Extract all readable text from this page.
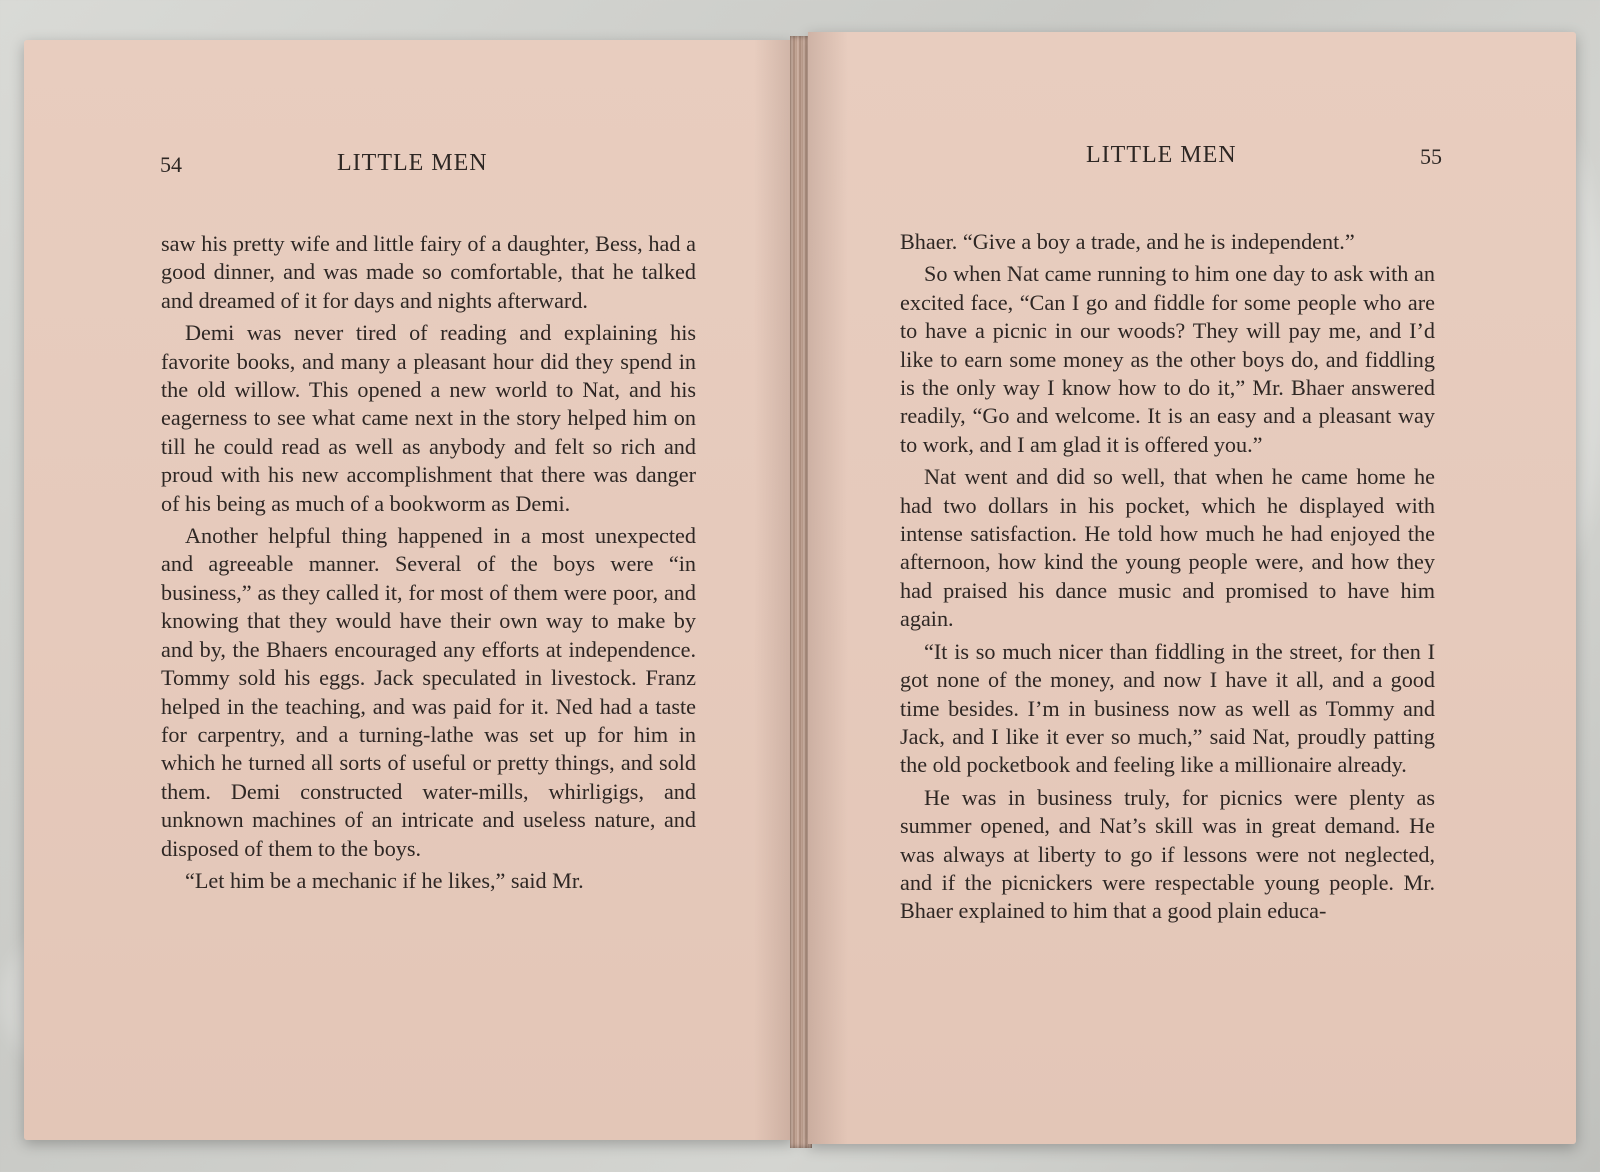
54	LITTLE MEN

saw his pretty wife and little fairy of a daughter, Bess, had a good dinner, and was made so comfortable, that he talked and dreamed of it for days and nights afterward.

Demi was never tired of reading and explaining his favorite books, and many a pleasant hour did they spend in the old willow. This opened a new world to Nat, and his eagerness to see what came next in the story helped him on till he could read as well as anybody and felt so rich and proud with his new accomplishment that there was danger of his being as much of a bookworm as Demi.

Another helpful thing happened in a most unexpected and agreeable manner. Several of the boys were “in business,” as they called it, for most of them were poor, and knowing that they would have their own way to make by and by, the Bhaers encouraged any efforts at independence. Tommy sold his eggs. Jack speculated in livestock. Franz helped in the teaching, and was paid for it. Ned had a taste for carpentry, and a turning-lathe was set up for him in which he turned all sorts of useful or pretty things, and sold them. Demi constructed water-mills, whirligigs, and unknown machines of an intricate and useless nature, and disposed of them to the boys.

“Let him be a mechanic if he likes,” said Mr.

LITTLE MEN	55

Bhaer. “Give a boy a trade, and he is independent.”

So when Nat came running to him one day to ask with an excited face, “Can I go and fiddle for some people who are to have a picnic in our woods? They will pay me, and I’d like to earn some money as the other boys do, and fiddling is the only way I know how to do it,” Mr. Bhaer answered readily, “Go and welcome. It is an easy and a pleasant way to work, and I am glad it is offered you.”

Nat went and did so well, that when he came home he had two dollars in his pocket, which he displayed with intense satisfaction. He told how much he had enjoyed the afternoon, how kind the young people were, and how they had praised his dance music and promised to have him again.

“It is so much nicer than fiddling in the street, for then I got none of the money, and now I have it all, and a good time besides. I’m in business now as well as Tommy and Jack, and I like it ever so much,” said Nat, proudly patting the old pocketbook and feeling like a millionaire already.

He was in business truly, for picnics were plenty as summer opened, and Nat’s skill was in great demand. He was always at liberty to go if lessons were not neglected, and if the picnickers were respectable young people. Mr. Bhaer explained to him that a good plain educa-
